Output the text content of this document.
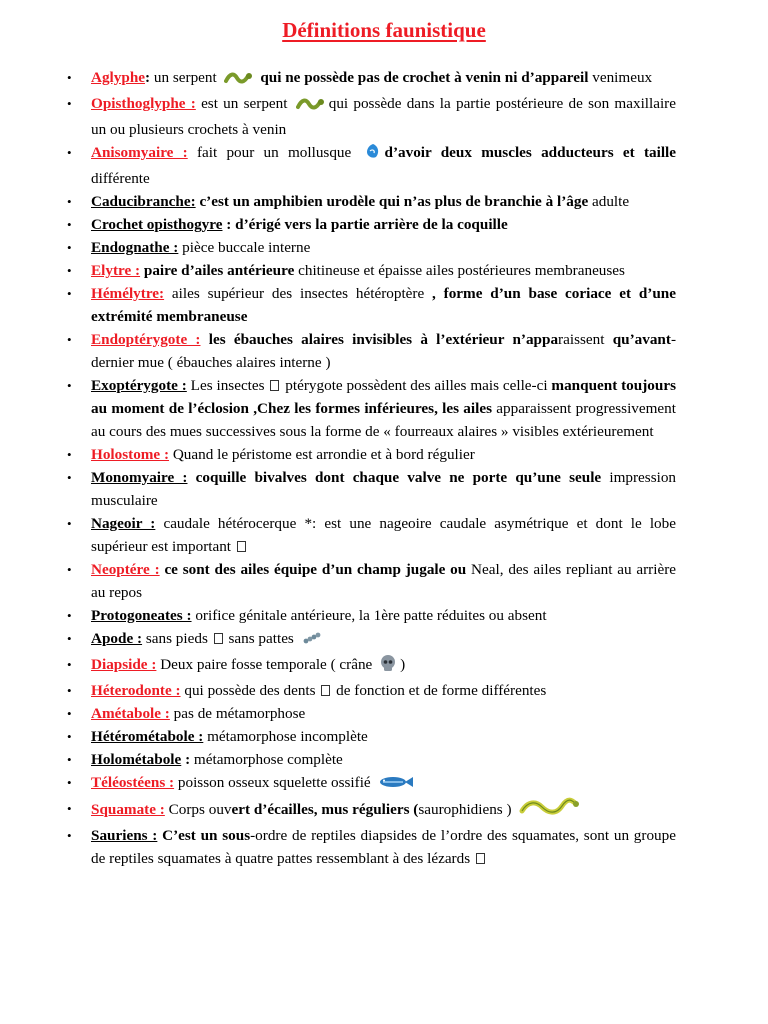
Définitions faunistique
• Aglyphe: un serpent  qui ne possède pas de crochet à venin ni d’appareil venimeux
• Opisthoglyphe : est un serpent qui possède dans la partie postérieure de son maxillaire un ou plusieurs crochets à venin
• Anisomyaire : fait pour un mollusque d’avoir deux muscles adducteurs et taille différente
• Caducibranche: c’est un amphibien urodèle qui n’as plus de branchie à l’âge adulte
• Crochet opisthogyre : d’érigé vers la partie arrière de la coquille
• Endognathe : pièce buccale interne
• Elytre : paire d’ailes antérieure chitineuse et épaisse ailes postérieures membraneuses
• Hémélytre: ailes supérieur des insectes hétéroptère , forme d’un base coriace et d’une extrémité membraneuse
• Endoptérygote : les ébauches alaires invisibles à l’extérieur n’apparaissent qu’avant-dernier mue ( ébauches alaires interne )
• Exoptérygote : Les insectes  ptérygote possèdent des ailles mais celle-ci manquent toujours au moment de l’éclosion ,Chez les formes inférieures, les ailes apparaissent progressivement au cours des mues successives sous la forme de « fourreaux alaires » visibles extérieurement
• Holostome : Quand le péristome est arrondie et à bord régulier
• Monomyaire : coquille bivalves dont chaque valve ne porte qu’une seule impression musculaire
• Nageoir : caudale hétérocerque *: est une nageoire caudale asymétrique et dont le lobe supérieur est important
• Neoptére : ce sont des ailes équipe d’un champ jugale ou Neal, des ailes repliant au arrière au repos
• Protogoneates : orifice génitale antérieure, la 1ère patte réduites ou absent
• Apode : sans pieds  sans pattes
• Diapside : Deux paire fosse temporale ( crâne )
• Héterodonte : qui possède des dents  de fonction et de forme différentes
• Amétabole : pas de métamorphose
• Hétérométabole : métamorphose incomplète
• Holométabole : métamorphose complète
• Téléostéens : poisson osseux squelette ossifié
• Squamate : Corps ouvert d’écailles, mus réguliers (saurophidiens )
• Sauriens : C’est un sous-ordre de reptiles diapsides de l’ordre des squamates, sont un groupe de reptiles squamates à quatre pattes ressemblant à des lézards
